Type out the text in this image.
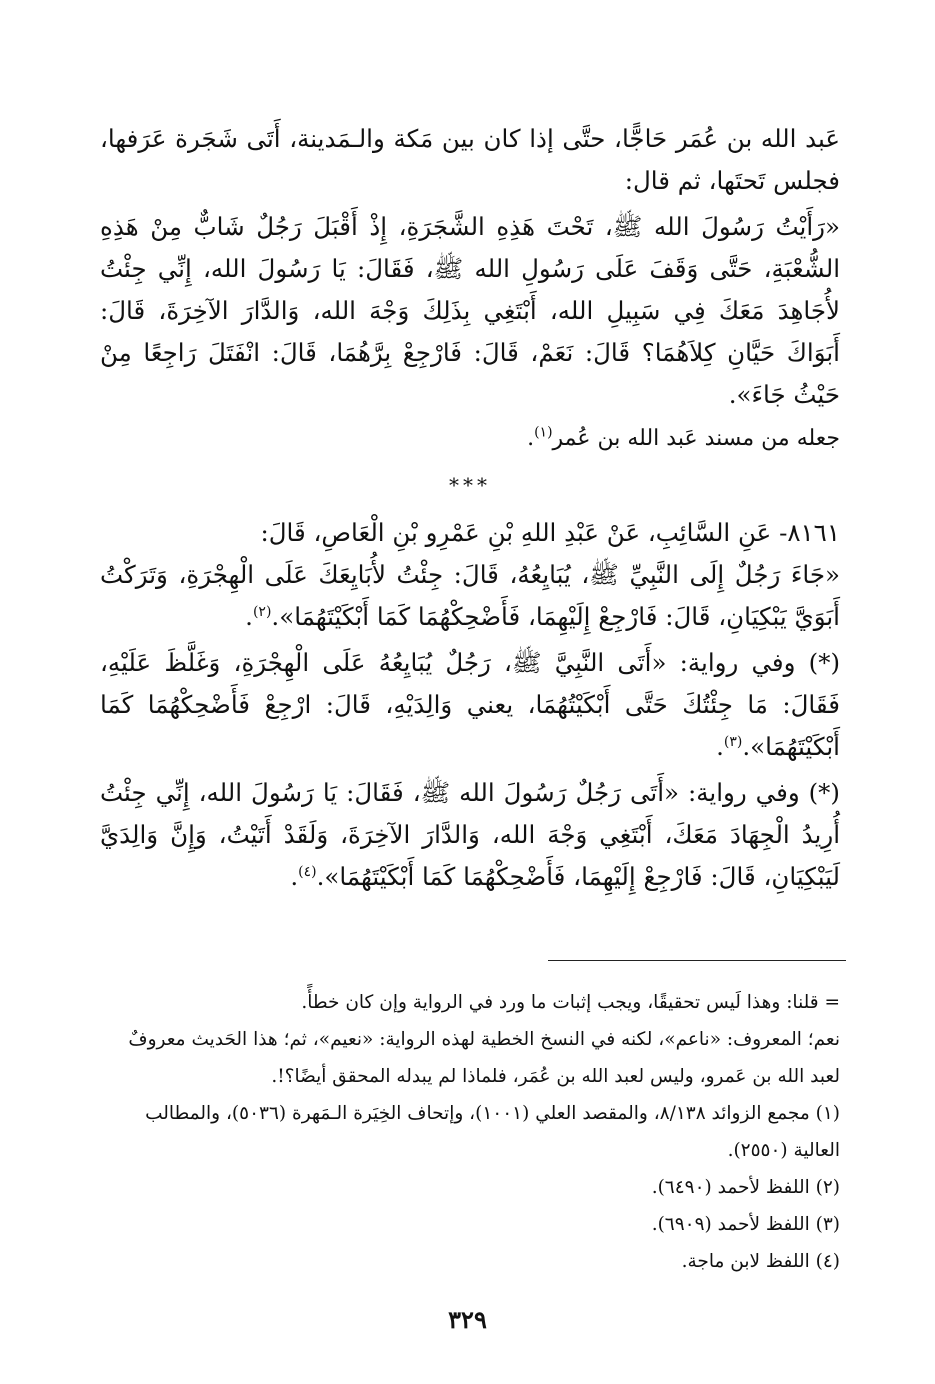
عَبد الله بن عُمَر حَاجًّا، حتَّى إذا كان بين مَكة والـمَدينة، أَتَى شَجَرة عَرَفها، فجلس تَحتَها، ثم قال:

«رَأَيْتُ رَسُولَ الله ﷺ، تَحْتَ هَذِهِ الشَّجَرَةِ، إِذْ أَقْبَلَ رَجُلٌ شَابٌّ مِنْ هَذِهِ الشُّعْبَةِ، حَتَّى وَقَفَ عَلَى رَسُولِ الله ﷺ، فَقَالَ: يَا رَسُولَ الله، إِنِّي جِئْتُ لأُجَاهِدَ مَعَكَ فِي سَبِيلِ الله، أَبْتَغِي بِذَلِكَ وَجْهَ الله، وَالدَّارَ الآخِرَةَ، قَالَ: أَبَوَاكَ حَيَّانِ كِلاَهُمَا؟ قَالَ: نَعَمْ، قَالَ: فَارْجِعْ بِرَّهُمَا، قَالَ: انْفَتَلَ رَاجِعًا مِنْ حَيْثُ جَاءَ».

جعله من مسند عَبد الله بن عُمر$^{(١)}$.

***

٨١٦١- عَنِ السَّائِبِ، عَنْ عَبْدِ اللهِ بْنِ عَمْرِو بْنِ الْعَاصِ، قَالَ:

«جَاءَ رَجُلٌ إِلَى النَّبِيِّ ﷺ، يُبَايِعُهُ، قَالَ: جِئْتُ لأُبَايِعَكَ عَلَى الْهِجْرَةِ، وَتَرَكْتُ أَبَوَيَّ يَبْكِيَانِ، قَالَ: فَارْجِعْ إِلَيْهِمَا، فَأَضْحِكْهُمَا كَمَا أَبْكَيْتَهُمَا».$^{(٢)}$.

(*) وفي رواية: «أَتَى النَّبِيَّ ﷺ، رَجُلٌ يُبَايِعُهُ عَلَى الْهِجْرَةِ، وَغَلَّظَ عَلَيْهِ، فَقَالَ: مَا جِئْتُكَ حَتَّى أَبْكَيْتُهُمَا، يعني وَالِدَيْهِ، قَالَ: ارْجِعْ فَأَضْحِكْهُمَا كَمَا أَبْكَيْتَهُمَا».$^{(٣)}$.

(*) وفي رواية: «أَتَى رَجُلٌ رَسُولَ الله ﷺ، فَقَالَ: يَا رَسُولَ الله، إِنِّي جِئْتُ أُرِيدُ الْجِهَادَ مَعَكَ، أَبْتَغِي وَجْهَ الله، وَالدَّارَ الآخِرَةَ، وَلَقَدْ أَتَيْتُ، وَإِنَّ وَالِدَيَّ لَيَبْكِيَانِ، قَالَ: فَارْجِعْ إِلَيْهِمَا، فَأَضْحِكْهُمَا كَمَا أَبْكَيْتَهُمَا».$^{(٤)}$.

= قلنا: وهذا لَيس تحقيقًا، ويجب إثبات ما ورد في الرواية وإن كان خطأً.

نعم؛ المعروف: «ناعم»، لكنه في النسخ الخطية لهذه الرواية: «نعيم»، ثم؛ هذا الحَديث معروفٌ لعبد الله بن عَمرو، وليس لعبد الله بن عُمَر، فلماذا لم يبدله المحقق أيضًا؟!.

(١) مجمع الزوائد ٨/١٣٨، والمقصد العلي (١٠٠١)، وإتحاف الخِيَرة الـمَهرة (٥٠٣٦)، والمطالب العالية (٢٥٥٠).

(٢) اللفظ لأحمد (٦٤٩٠).

(٣) اللفظ لأحمد (٦٩٠٩).

(٤) اللفظ لابن ماجة.

٣٢٩
